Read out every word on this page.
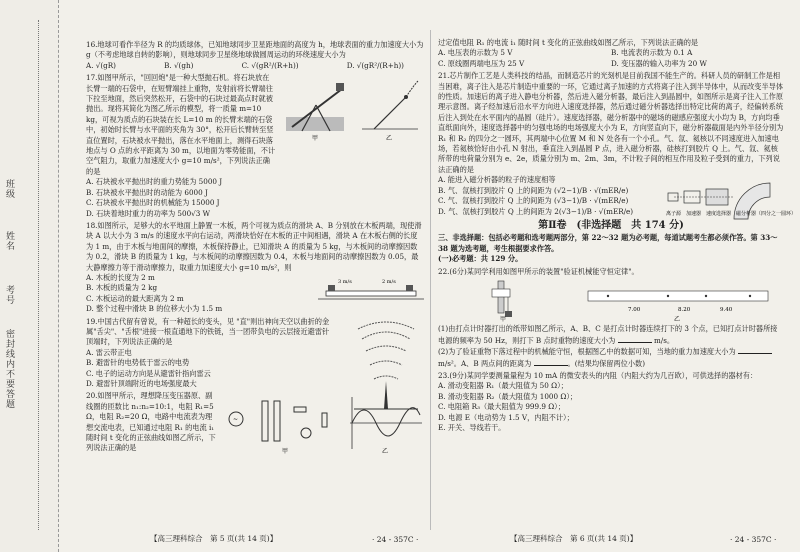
班
级
姓
名
考
号
密
封
线
内
不
要
答
题

16.地球可看作半径为 R 的均质球体，已知地球同步卫星距地面的高度为 h，地球表面的重力加速度大小为 g（不考虑地球自转的影响），则地球同步卫星绕地球做圆周运动的环绕速度大小为

A. √(gR)	B. √(gh)	C. √(gR²/(R+h))	D. √(gR²/(R+h))

17.如图甲所示，"回回炮"是一种大型抛石机。将石块放在长臂一端的石袋中，在短臂端挂上重物，发射前将长臂端往下拉至地面，然后突然松开，石袋中的石块过最高点时就被抛出。现将其简化为图乙所示的模型，将一质量 m=10 kg，可视为质点的石块装在长 L=10 m 的长臂末端的石袋中，初始时长臂与水平面的夹角为 30°，松开后长臂转至竖直位置时，石块被水平抛出，落在水平地面上，测得石块落地点与 O 点的水平距离为 30 m，以地面为零势能面，不计空气阻力，取重力加速度大小 g=10 m/s²，下列说法正确的是

甲	乙

A. 石块被水平抛出时的重力势能为 5000 J

B. 石块被水平抛出时的动能为 6000 J

C. 石块被水平抛出时的机械能为 15000 J

D. 石块着地时重力的功率为 500√3 W

18.如图所示，足够大的水平地面上静置一木板，两个可视为质点的滑块 A、B 分别放在木板两端，现使滑块 A 以大小为 3 m/s 的速度水平向右运动，两滑块恰好在木板的正中间相遇，滑块 A 在木板右侧的长度为 1 m，由于木板与地面间的摩擦，木板保持静止，已知滑块 A 的质量为 5 kg，与木板间的动摩擦因数为 0.2，滑块 B 的质量为 1 kg，与木板间的动摩擦因数为 0.4，木板与地面间的动摩擦因数为 0.05，最大静摩擦力等于滑动摩擦力，取重力加速度大小 g=10 m/s²，则

A. 木板的长度为 2 m

B. 木板的质量为 2 kg

C. 木板运动的最大距离为 2 m

D. 整个过程中滑块 B 的位移大小为 1.5 m

3 m/s	2 m/s

19.中国古代留有曾说，有一种超长的变头，见 "直"则出神向天空以曲折的金属"舌尖"、"舌根"进接一根直通地下的铁链，当一团带负电的云层接近避雷针顶端时，下列说法正确的是

A. 雷云带正电

B. 避雷针的电势低于雷云的电势

C. 电子的运动方向是从避雷针指向雷云

D. 避雷针顶端附近的电场强度最大

20.如图甲所示，理想降压变压器原、副线圈的匝数比 n₁:n₂=10:1，电阻 R₁=5 Ω，电阻 R₂=20 Ω，电路中电流表为理想交流电表，已知通过电阻 R₁ 的电流 i₁ 随时间 t 变化的正弦曲线如图乙所示，下列说法正确的是

~
甲	乙

过定值电阻 R₁ 的电流 i₁ 随时间 t 变化的正弦曲线如图乙所示，下列说法正确的是

A. 电压表的示数为 5 V	B. 电流表的示数为 0.1 A
C. 原线圈两端电压为 25 V	D. 变压器的输入功率为 20 W

21.芯片制作工艺是人类科技的结晶，而制造芯片的光刻机是目前我国不能生产的。科研人员的研制工作是相当困难，离子注入是芯片制造中重要的一环，它通过离子加速的方式将离子注入到半导体中，从而改变半导体的性质。加速后的离子进入静电分析器，然后进入磁分析器，最后注入到晶圆中，如图所示是离子注入工作原理示意图。离子经加速后沿水平方向进入速度选择器，然后通过磁分析器选择出特定比荷的离子，经偏转系统后注入到处在水平面内的晶圆（硅片）。速度选择器，磁分析器中的磁场的磁感应强度大小均为 B，方向均垂直纸面向外，速度选择器中的匀强电场的电场强度大小为 E，方向竖直向下，磁分析器截面是内外半径分别为 R₁ 和 R₂ 的四分之一圆环，其两端中心位置 M 和 N 处各有一个小孔。气、氙、氦核以不同速度进入加速电场，若氦核恰好由小孔 N 射出，垂直注入到晶圆 P 点，进入磁分析器，硅核打到胶片 Q 上。气、氙、氦核所带的电荷量分别为 e、2e，质量分别为 m、2m、3m，不计粒子间的相互作用及粒子受到的重力，下列说法正确的是

A. 能进入磁分析器的粒子的速度相等

B. 气、氙核打到胶片 Q 上的间距为 (√2−1)/B · √(mER/e)

C. 气、氙核打到胶片 Q 上的间距为 (√3−1)/B · √(mER/e)

D. 气、氙核打到胶片 Q 上的间距为 2(√3−1)/B · √(mER/e)	离子源　加速器　速度选择器　磁分析器（四分之一圆环）
第Ⅱ卷　(非选择题　共 174 分)

三、非选择题：包括必考题和选考题两部分，第 22～32 题为必考题，每道试题考生都必须作答。第 33～38 题为选考题，考生根据要求作答。

(一)必考题：共 129 分。

22.(6分)某同学利用如图甲所示的装置"验证机械能守恒定律"。

甲
7.00	8.20	9.40
乙

(1)由打点计时器打出的纸带如图乙所示，A、B、C 是打点计时器连续打下的 3 个点，已知打点计时器所接电源的频率为 50 Hz，则打下 B 点时重物的速度大小为	m/s。

(2)为了验证重物下落过程中的机械能守恒，根据图乙中的数据可知，当地的重力加速度大小为  m/s²。A、B 两点间的距离为	。(结果均保留两位小数)

23.(9分)某同学要测量量程为 10 mA 的微安表头的内阻（内阻大约为几百欧），可供选择的器材有：

A. 滑动变阻器 R₁（最大阻值为 50 Ω）；

B. 滑动变阻器 R₂（最大阻值为 1000 Ω）；

C. 电阻箱 R₃（最大阻值为 999.9 Ω）；

D. 电源 E（电动势为 1.5 V，内阻不计）；

E. 开关、导线若干。

【高三理科综合　第 5 页(共 14 页)】	· 24 - 357C ·	【高三理科综合　第 6 页(共 14 页)】	· 24 - 357C ·
